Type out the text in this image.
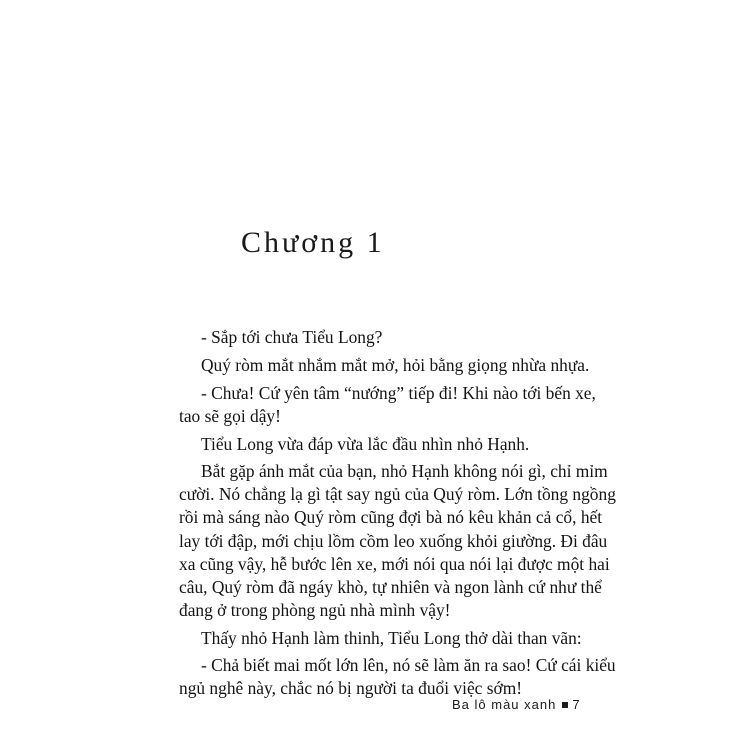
Chương 1
- Sắp tới chưa Tiểu Long?
Quý ròm mắt nhắm mắt mở, hỏi bằng giọng nhừa nhựa.
- Chưa! Cứ yên tâm “nướng” tiếp đi! Khi nào tới bến xe,
tao sẽ gọi dậy!
Tiểu Long vừa đáp vừa lắc đầu nhìn nhỏ Hạnh.
Bắt gặp ánh mắt của bạn, nhỏ Hạnh không nói gì, chỉ mỉm
cười. Nó chẳng lạ gì tật say ngủ của Quý ròm. Lớn tồng ngồng
rồi mà sáng nào Quý ròm cũng đợi bà nó kêu khản cả cổ, hết
lay tới đập, mới chịu lồm cồm leo xuống khỏi giường. Đi đâu
xa cũng vậy, hễ bước lên xe, mới nói qua nói lại được một hai
câu, Quý ròm đã ngáy khò, tự nhiên và ngon lành cứ như thể
đang ở trong phòng ngủ nhà mình vậy!
Thấy nhỏ Hạnh làm thinh, Tiểu Long thở dài than vãn:
- Chả biết mai mốt lớn lên, nó sẽ làm ăn ra sao! Cứ cái kiểu
ngủ nghê này, chắc nó bị người ta đuổi việc sớm!
Ba lô màu xanh 7
